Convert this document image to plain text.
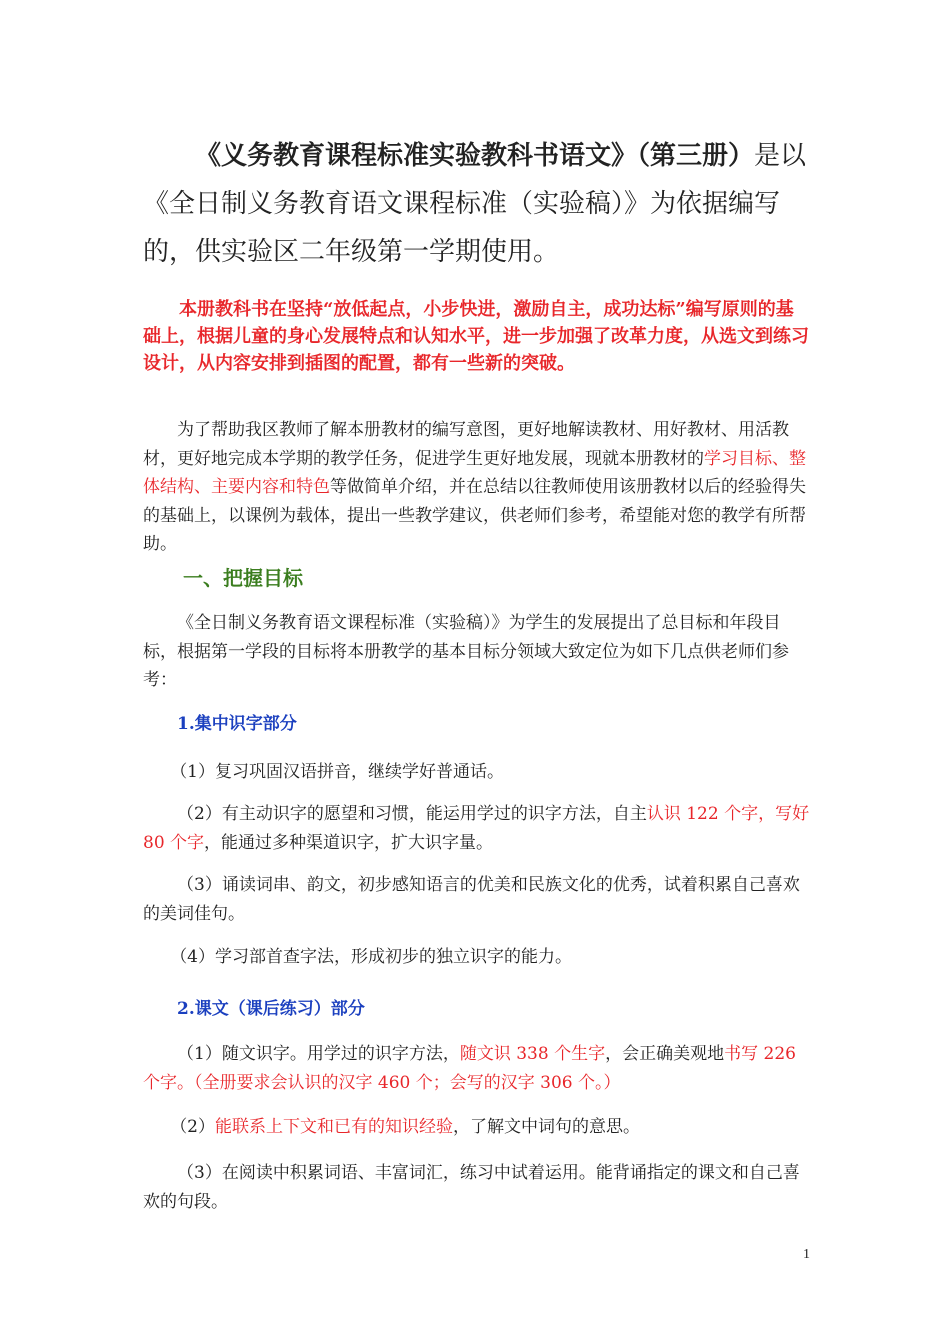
《义务教育课程标准实验教科书语文》（第三册）是以《全日制义务教育语文课程标准（实验稿）》为依据编写的，供实验区二年级第一学期使用。

本册教科书在坚持“放低起点，小步快进，激励自主，成功达标”编写原则的基础上，根据儿童的身心发展特点和认知水平，进一步加强了改革力度，从选文到练习设计，从内容安排到插图的配置，都有一些新的突破。

为了帮助我区教师了解本册教材的编写意图，更好地解读教材、用好教材、用活教材，更好地完成本学期的教学任务，促进学生更好地发展，现就本册教材的学习目标、整体结构、主要内容和特色等做简单介绍，并在总结以往教师使用该册教材以后的经验得失的基础上，以课例为载体，提出一些教学建议，供老师们参考，希望能对您的教学有所帮助。

一、把握目标

《全日制义务教育语文课程标准（实验稿）》为学生的发展提出了总目标和年段目标，根据第一学段的目标将本册教学的基本目标分领域大致定位为如下几点供老师们参考：

1.集中识字部分

（1）复习巩固汉语拼音，继续学好普通话。

（2）有主动识字的愿望和习惯，能运用学过的识字方法，自主认识 122 个字，写好 80 个字，能通过多种渠道识字，扩大识字量。

（3）诵读词串、韵文，初步感知语言的优美和民族文化的优秀，试着积累自己喜欢的美词佳句。

（4）学习部首查字法，形成初步的独立识字的能力。

2.课文（课后练习）部分

（1）随文识字。用学过的识字方法，随文识 338 个生字，会正确美观地书写 226 个字。（全册要求会认识的汉字 460 个；会写的汉字 306 个。）

（2）能联系上下文和已有的知识经验，了解文中词句的意思。

（3）在阅读中积累词语、丰富词汇，练习中试着运用。能背诵指定的课文和自己喜欢的句段。

1
